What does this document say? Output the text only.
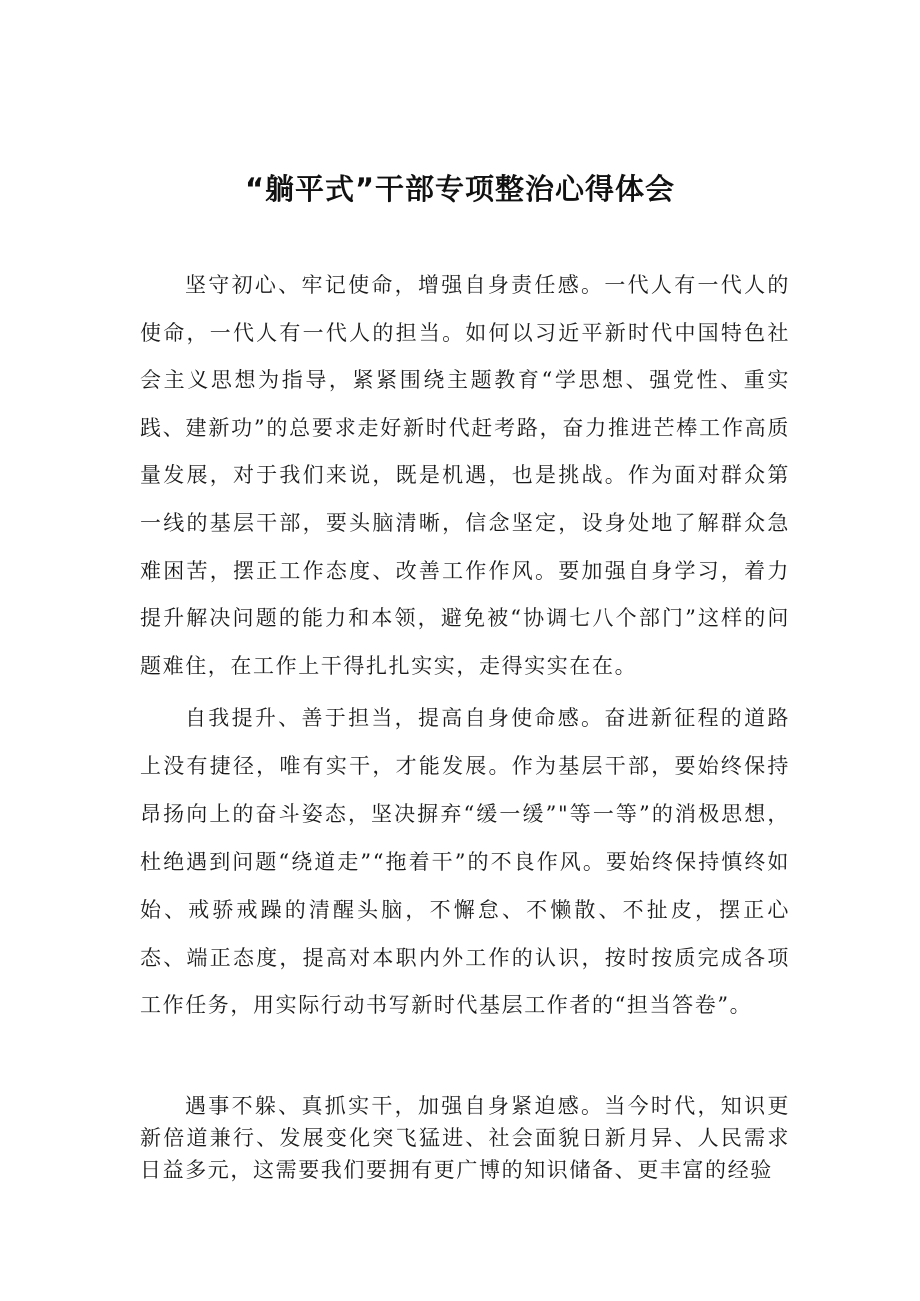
“躺平式”干部专项整治心得体会

坚守初心、牢记使命，增强自身责任感。一代人有一代人的使命，一代人有一代人的担当。如何以习近平新时代中国特色社会主义思想为指导，紧紧围绕主题教育“学思想、强党性、重实践、建新功”的总要求走好新时代赶考路，奋力推进芒棒工作高质量发展，对于我们来说，既是机遇，也是挑战。作为面对群众第一线的基层干部，要头脑清晰，信念坚定，设身处地了解群众急难困苦，摆正工作态度、改善工作作风。要加强自身学习，着力提升解决问题的能力和本领，避免被“协调七八个部门”这样的问题难住，在工作上干得扎扎实实，走得实实在在。

自我提升、善于担当，提高自身使命感。奋进新征程的道路上没有捷径，唯有实干，才能发展。作为基层干部，要始终保持昂扬向上的奋斗姿态，坚决摒弃“缓一缓”"等一等”的消极思想，杜绝遇到问题“绕道走”“拖着干”的不良作风。要始终保持慎终如始、戒骄戒躁的清醒头脑，不懈怠、不懒散、不扯皮，摆正心态、端正态度，提高对本职内外工作的认识，按时按质完成各项工作任务，用实际行动书写新时代基层工作者的“担当答卷”。

遇事不躲、真抓实干，加强自身紧迫感。当今时代，知识更新倍道兼行、发展变化突飞猛进、社会面貌日新月异、人民需求日益多元，这需要我们要拥有更广博的知识储备、更丰富的经验
